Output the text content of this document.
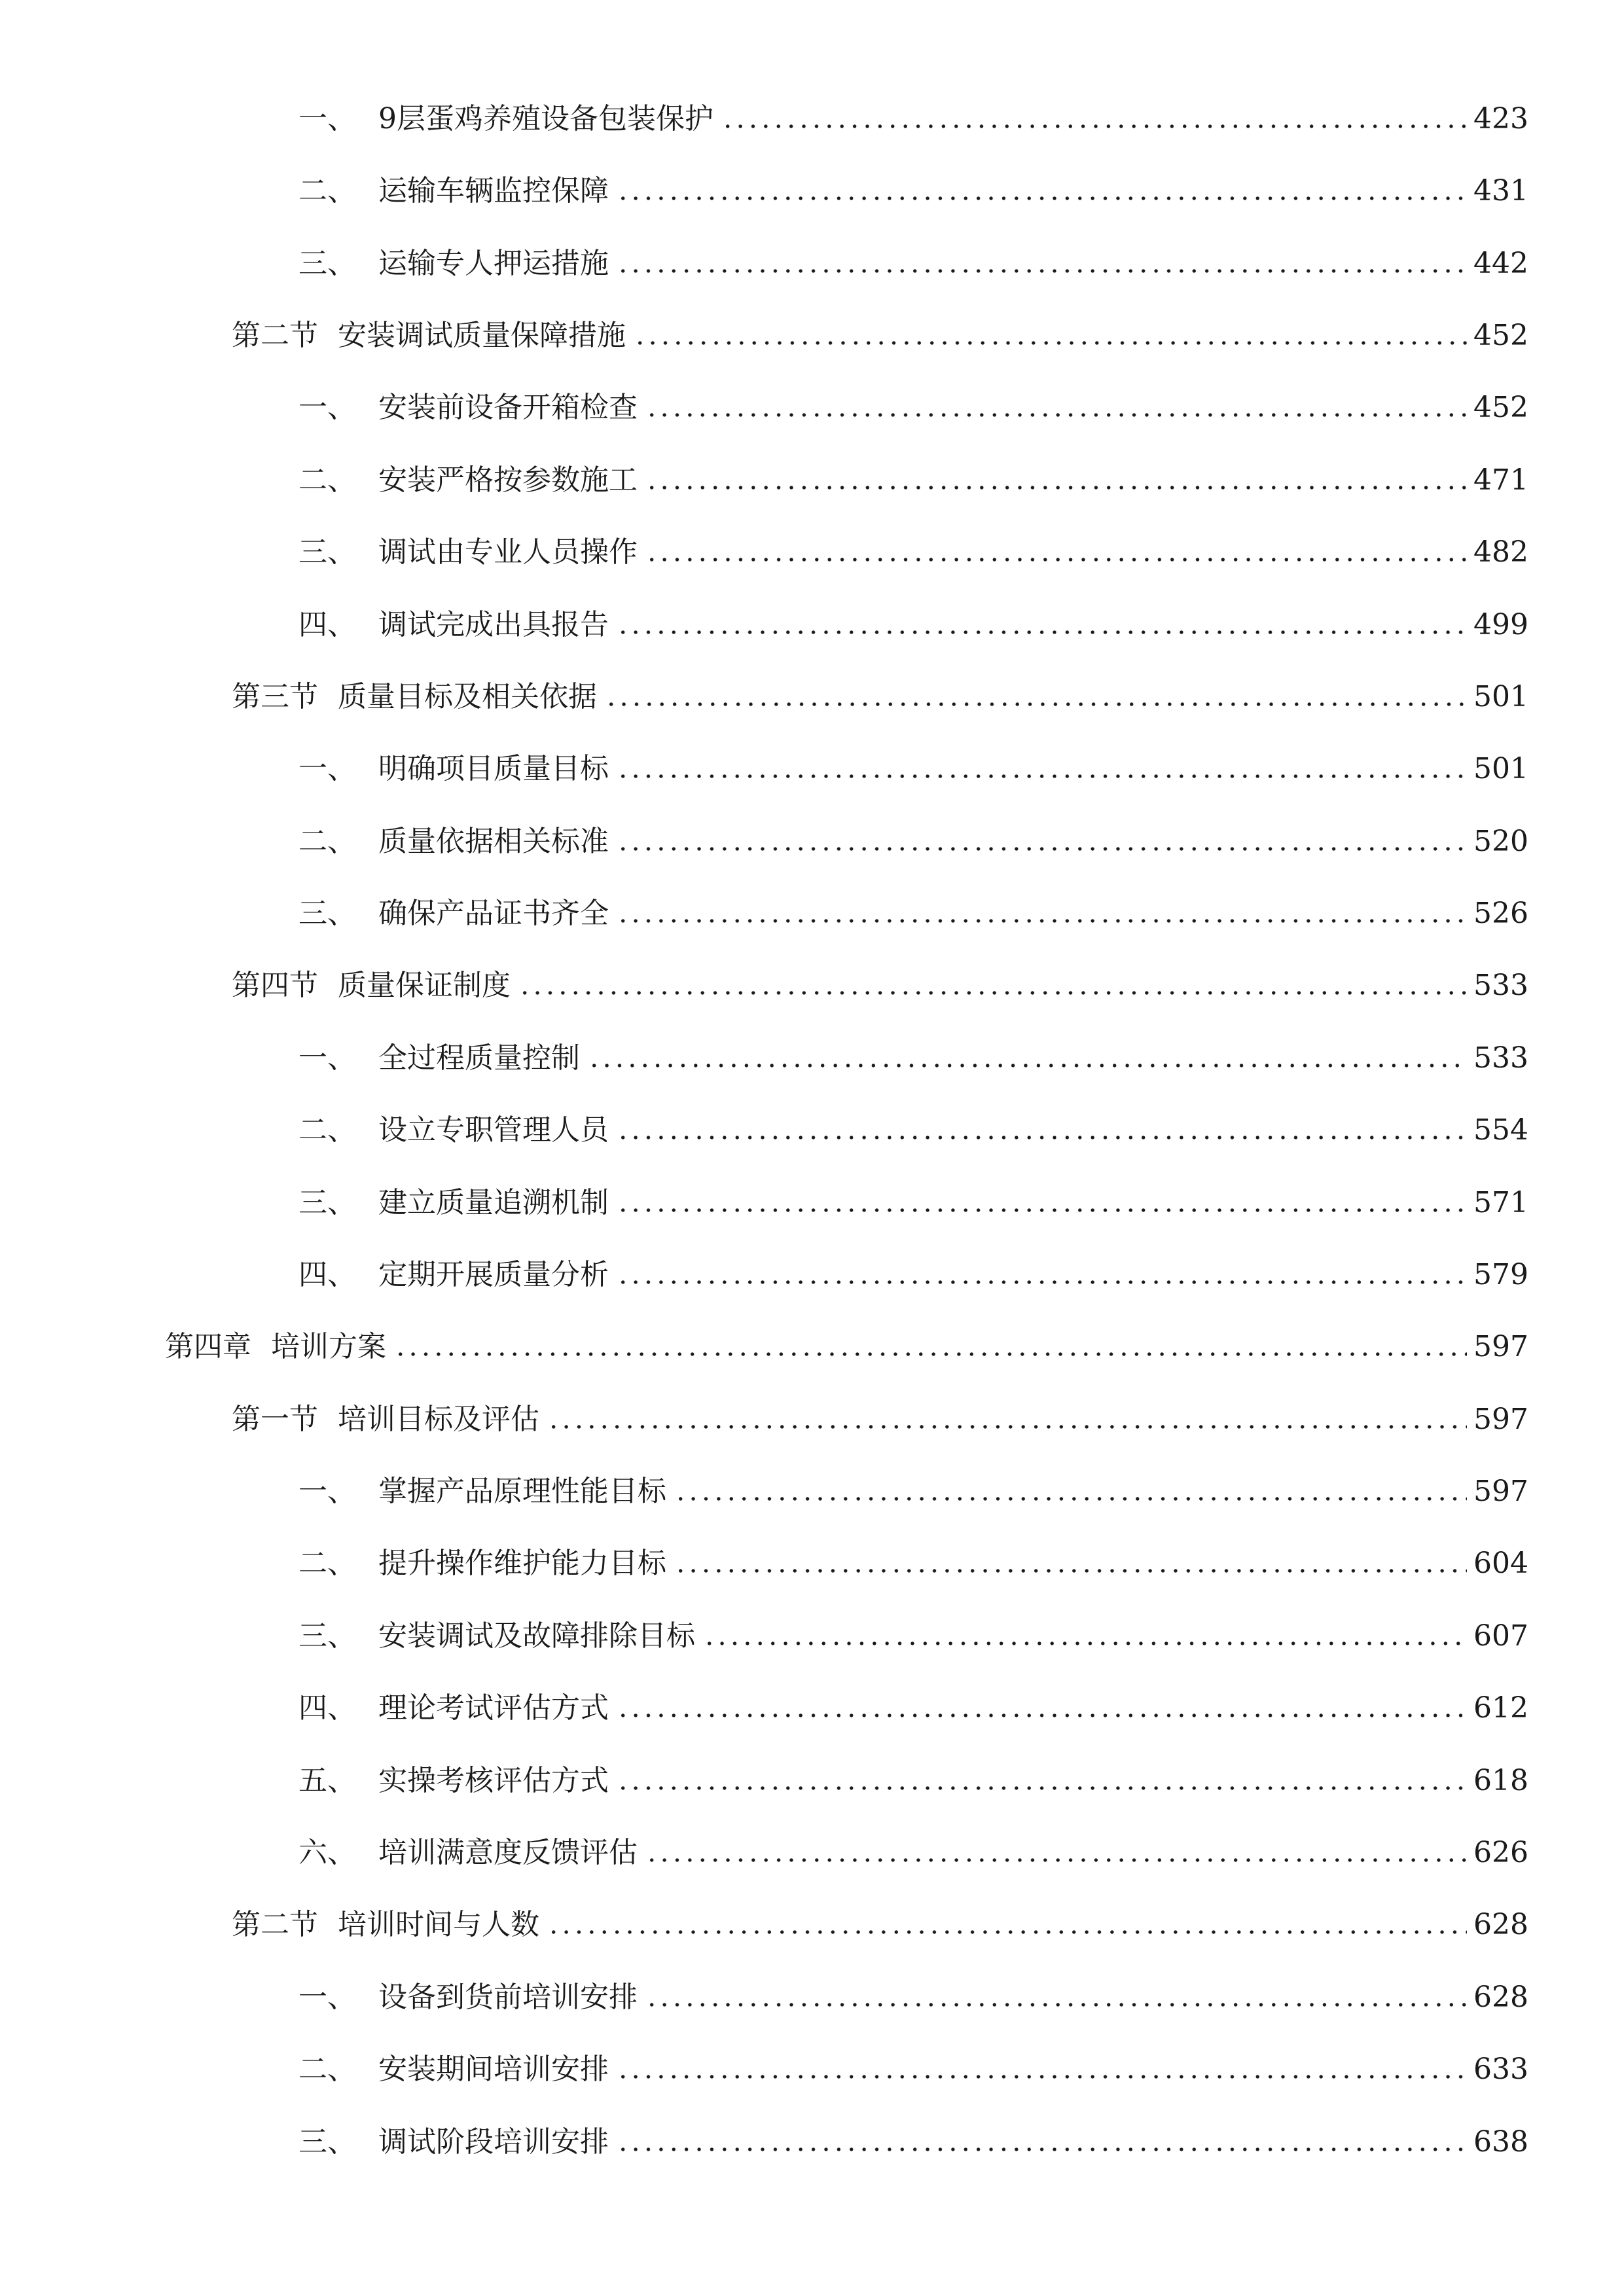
一、 9层蛋鸡养殖设备包装保护	423
二、 运输车辆监控保障	431
三、 运输专人押运措施	442
第二节 安装调试质量保障措施	452
一、 安装前设备开箱检查	452
二、 安装严格按参数施工	471
三、 调试由专业人员操作	482
四、 调试完成出具报告	499
第三节 质量目标及相关依据	501
一、 明确项目质量目标	501
二、 质量依据相关标准	520
三、 确保产品证书齐全	526
第四节 质量保证制度	533
一、 全过程质量控制	533
二、 设立专职管理人员	554
三、 建立质量追溯机制	571
四、 定期开展质量分析	579
第四章 培训方案	597
第一节 培训目标及评估	597
一、 掌握产品原理性能目标	597
二、 提升操作维护能力目标	604
三、 安装调试及故障排除目标	607
四、 理论考试评估方式	612
五、 实操考核评估方式	618
六、 培训满意度反馈评估	626
第二节 培训时间与人数	628
一、 设备到货前培训安排	628
二、 安装期间培训安排	633
三、 调试阶段培训安排	638
